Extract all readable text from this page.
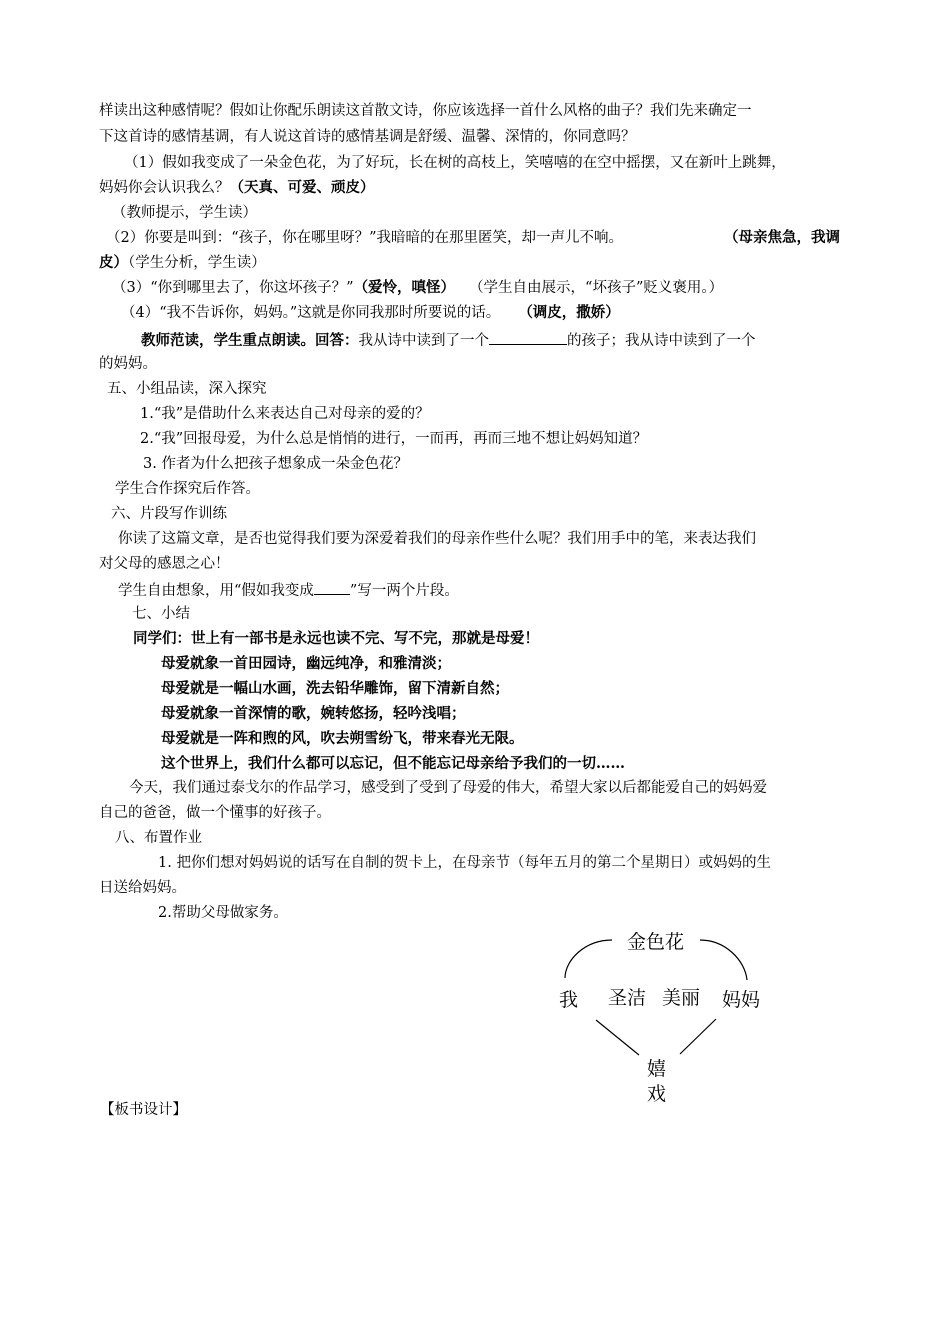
样读出这种感情呢？假如让你配乐朗读这首散文诗，你应该选择一首什么风格的曲子？我们先来确定一
下这首诗的感情基调，有人说这首诗的感情基调是舒缓、温馨、深情的，你同意吗？
（1）假如我变成了一朵金色花，为了好玩，长在树的高枝上，笑嘻嘻的在空中摇摆，又在新叶上跳舞，
妈妈你会认识我么？（天真、可爱、顽皮）
（教师提示，学生读）
（2）你要是叫到：“孩子，你在哪里呀？”我暗暗的在那里匿笑，却一声儿不响。	（母亲焦急，我调
皮）（学生分析，学生读）
（3）“你到哪里去了，你这坏孩子？”（爱怜，嗔怪） （学生自由展示，“坏孩子”贬义褒用。）
（4）“我不告诉你，妈妈。”这就是你同我那时所要说的话。 （调皮，撒娇）
教师范读，学生重点朗读。回答：我从诗中读到了一个	的孩子；我从诗中读到了一个
的妈妈。
五、小组品读，深入探究
1.“我”是借助什么来表达自己对母亲的爱的？
2.“我”回报母爱，为什么总是悄悄的进行，一而再，再而三地不想让妈妈知道？
3. 作者为什么把孩子想象成一朵金色花？
学生合作探究后作答。
六、片段写作训练
你读了这篇文章，是否也觉得我们要为深爱着我们的母亲作些什么呢？我们用手中的笔，来表达我们
对父母的感恩之心！
学生自由想象，用“假如我变成 ”写一两个片段。
七、小结
同学们：世上有一部书是永远也读不完、写不完，那就是母爱！
母爱就象一首田园诗，幽远纯净，和雅清淡；
母爱就是一幅山水画，洗去铅华雕饰，留下清新自然；
母爱就象一首深情的歌，婉转悠扬，轻吟浅唱；
母爱就是一阵和煦的风，吹去朔雪纷飞，带来春光无限。
这个世界上，我们什么都可以忘记，但不能忘记母亲给予我们的一切……
今天，我们通过泰戈尔的作品学习，感受到了受到了母爱的伟大，希望大家以后都能爱自己的妈妈爱
自己的爸爸，做一个懂事的好孩子。
八、布置作业
1. 把你们想对妈妈说的话写在自制的贺卡上，在母亲节（每年五月的第二个星期日）或妈妈的生
日送给妈妈。
2.帮助父母做家务。
金色花
我 圣洁 美丽 妈妈
嬉
戏
【板书设计】
